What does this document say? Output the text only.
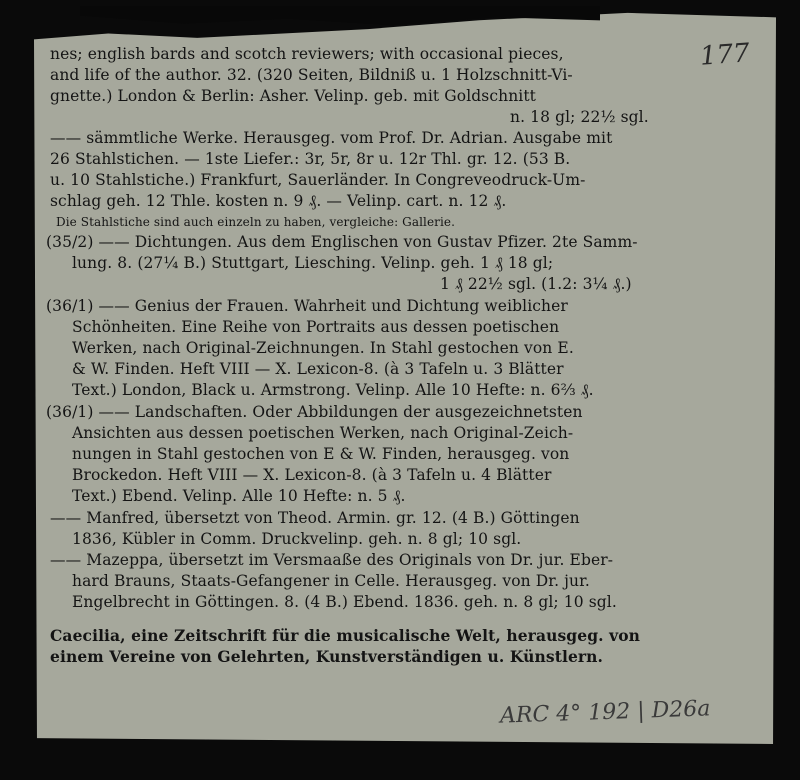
177
nes; english bards and scotch reviewers; with occasional pieces,
and life of the author. 32. (320 Seiten, Bildniß u. 1 Holzschnitt-Vi-
gnette.) London & Berlin: Asher. Velinp. geb. mit Goldschnitt
n. 18 gl; 22½ sgl.
—— sämmtliche Werke. Herausgeg. vom Prof. Dr. Adrian. Ausgabe mit
26 Stahlstichen. — 1ste Liefer.: 3r, 5r, 8r u. 12r Thl. gr. 12. (53 B.
u. 10 Stahlstiche.) Frankfurt, Sauerländer. In Congreveodruck-Um-
schlag geh. 12 Thle. kosten n. 9 ₰. — Velinp. cart. n. 12 ₰.
Die Stahlstiche sind auch einzeln zu haben, vergleiche: Gallerie.
(35/2) —— Dichtungen. Aus dem Englischen von Gustav Pfizer. 2te Samm-
lung. 8. (27¼ B.) Stuttgart, Liesching. Velinp. geh. 1 ₰ 18 gl;
1 ₰ 22½ sgl. (1.2: 3¼ ₰.)
(36/1) —— Genius der Frauen. Wahrheit und Dichtung weiblicher
Schönheiten. Eine Reihe von Portraits aus dessen poetischen
Werken, nach Original-Zeichnungen. In Stahl gestochen von E.
& W. Finden. Heft VIII — X. Lexicon-8. (à 3 Tafeln u. 3 Blätter
Text.) London, Black u. Armstrong. Velinp. Alle 10 Hefte: n. 6⅔ ₰.
(36/1) —— Landschaften. Oder Abbildungen der ausgezeichnetsten
Ansichten aus dessen poetischen Werken, nach Original-Zeich-
nungen in Stahl gestochen von E & W. Finden, herausgeg. von
Brockedon. Heft VIII — X. Lexicon-8. (à 3 Tafeln u. 4 Blätter
Text.) Ebend. Velinp. Alle 10 Hefte: n. 5 ₰.
—— Manfred, übersetzt von Theod. Armin. gr. 12. (4 B.) Göttingen
1836, Kübler in Comm. Druckvelinp. geh. n. 8 gl; 10 sgl.
—— Mazeppa, übersetzt im Versmaaße des Originals von Dr. jur. Eber-
hard Brauns, Staats-Gefangener in Celle. Herausgeg. von Dr. jur.
Engelbrecht in Göttingen. 8. (4 B.) Ebend. 1836. geh. n. 8 gl; 10 sgl.
Caecilia, eine Zeitschrift für die musicalische Welt, herausgeg. von
einem Vereine von Gelehrten, Kunstverständigen u. Künstlern.
ARC 4° 192 | D26a
